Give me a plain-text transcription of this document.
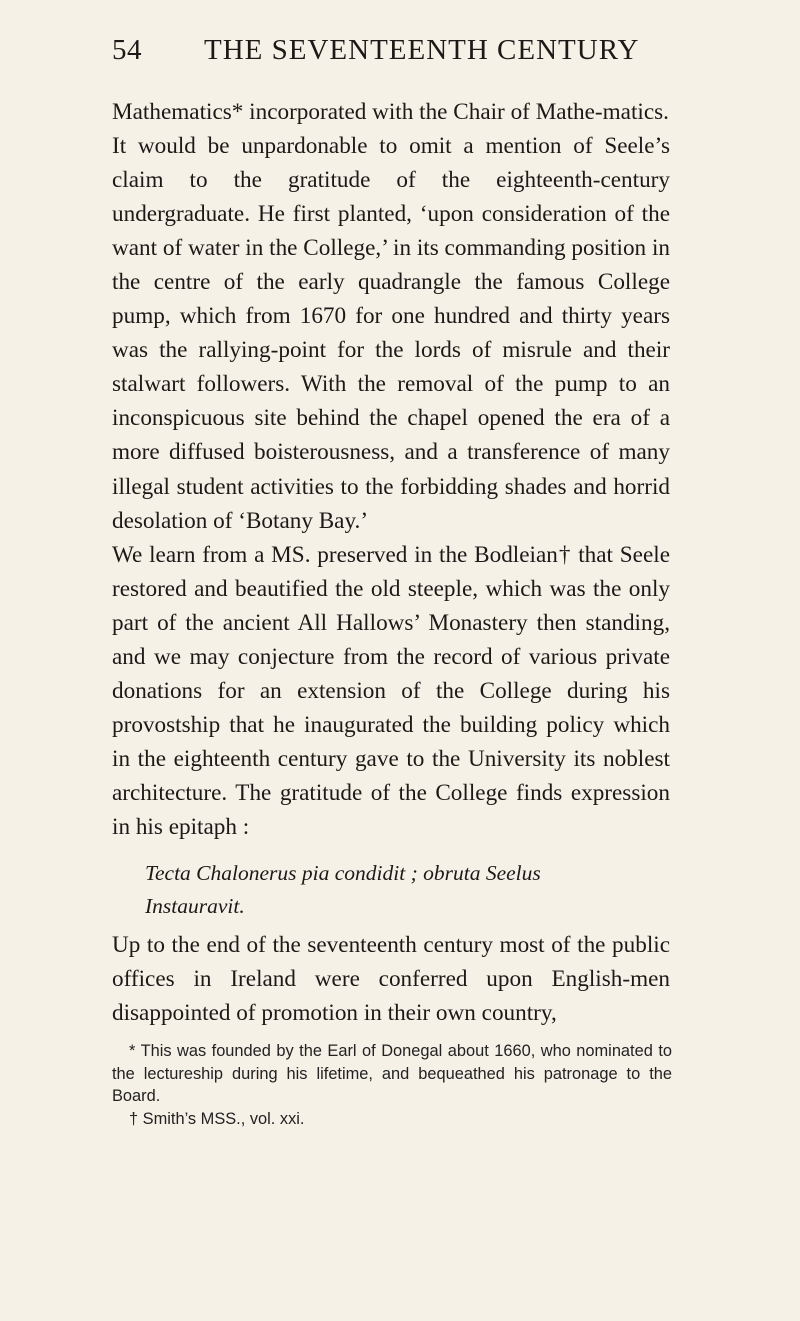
54 THE SEVENTEENTH CENTURY

Mathematics* incorporated with the Chair of Mathe-matics.

It would be unpardonable to omit a mention of Seele’s claim to the gratitude of the eighteenth-century undergraduate. He first planted, ‘upon consideration of the want of water in the College,’ in its commanding position in the centre of the early quadrangle the famous College pump, which from 1670 for one hundred and thirty years was the rallying-point for the lords of misrule and their stalwart followers. With the removal of the pump to an inconspicuous site behind the chapel opened the era of a more diffused boisterousness, and a transference of many illegal student activities to the forbidding shades and horrid desolation of ‘Botany Bay.’

We learn from a MS. preserved in the Bodleian† that Seele restored and beautified the old steeple, which was the only part of the ancient All Hallows’ Monastery then standing, and we may conjecture from the record of various private donations for an extension of the College during his provostship that he inaugurated the building policy which in the eighteenth century gave to the University its noblest architecture. The gratitude of the College finds expression in his epitaph :

Tecta Chalonerus pia condidit ; obruta Seelus
Instauravit.
Up to the end of the seventeenth century most of the public offices in Ireland were conferred upon English-men disappointed of promotion in their own country,

* This was founded by the Earl of Donegal about 1660, who nominated to the lectureship during his lifetime, and bequeathed his patronage to the Board.

† Smith’s MSS., vol. xxi.
